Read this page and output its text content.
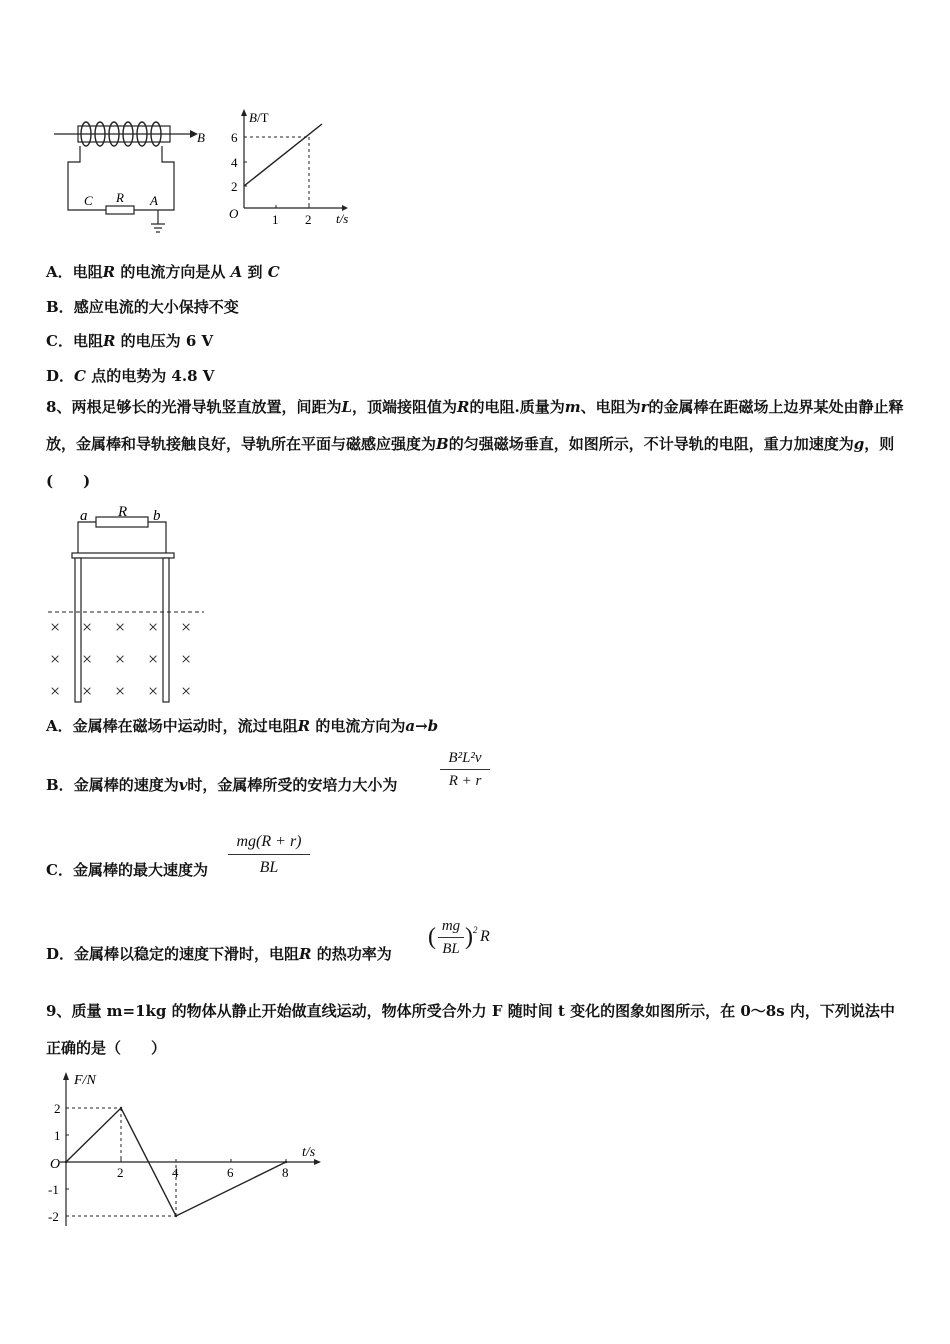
B
C R A
B/T
t/s
O
2
4
6
1 2
A．电阻R 的电流方向是从 A 到 C
B．感应电流的大小保持不变
C．电阻R 的电压为 6 V
D．C 点的电势为 4.8 V
8、两根足够长的光滑导轨竖直放置，间距为L，顶端接阻值为R的电阻.质量为m、电阻为r的金属棒在距磁场上边界某处由静止释放，金属棒和导轨接触良好，导轨所在平面与磁感应强度为B的匀强磁场垂直，如图所示，不计导轨的电阻，重力加速度为g，则(　　)
a R b
× × × × ×
× × × × ×
× × × × ×
A．金属棒在磁场中运动时，流过电阻R 的电流方向为a→b
B．金属棒的速度为v时，金属棒所受的安培力大小为	$\frac{\text{B²L²v}}{R + r}$
C．金属棒的最大速度为 $\frac{mg(R + r)}{BL}$
D．金属棒以稳定的速度下滑时，电阻R 的热功率为
( $\frac{mg}{BL}$ ) 2 R
9、质量 m=1kg 的物体从静止开始做直线运动，物体所受合外力 F 随时间 t 变化的图象如图所示，在 0～8s 内，下列说法中正确的是（　　）
2	4	6	8
2
1
-1
-2
F/N
t/s
O
